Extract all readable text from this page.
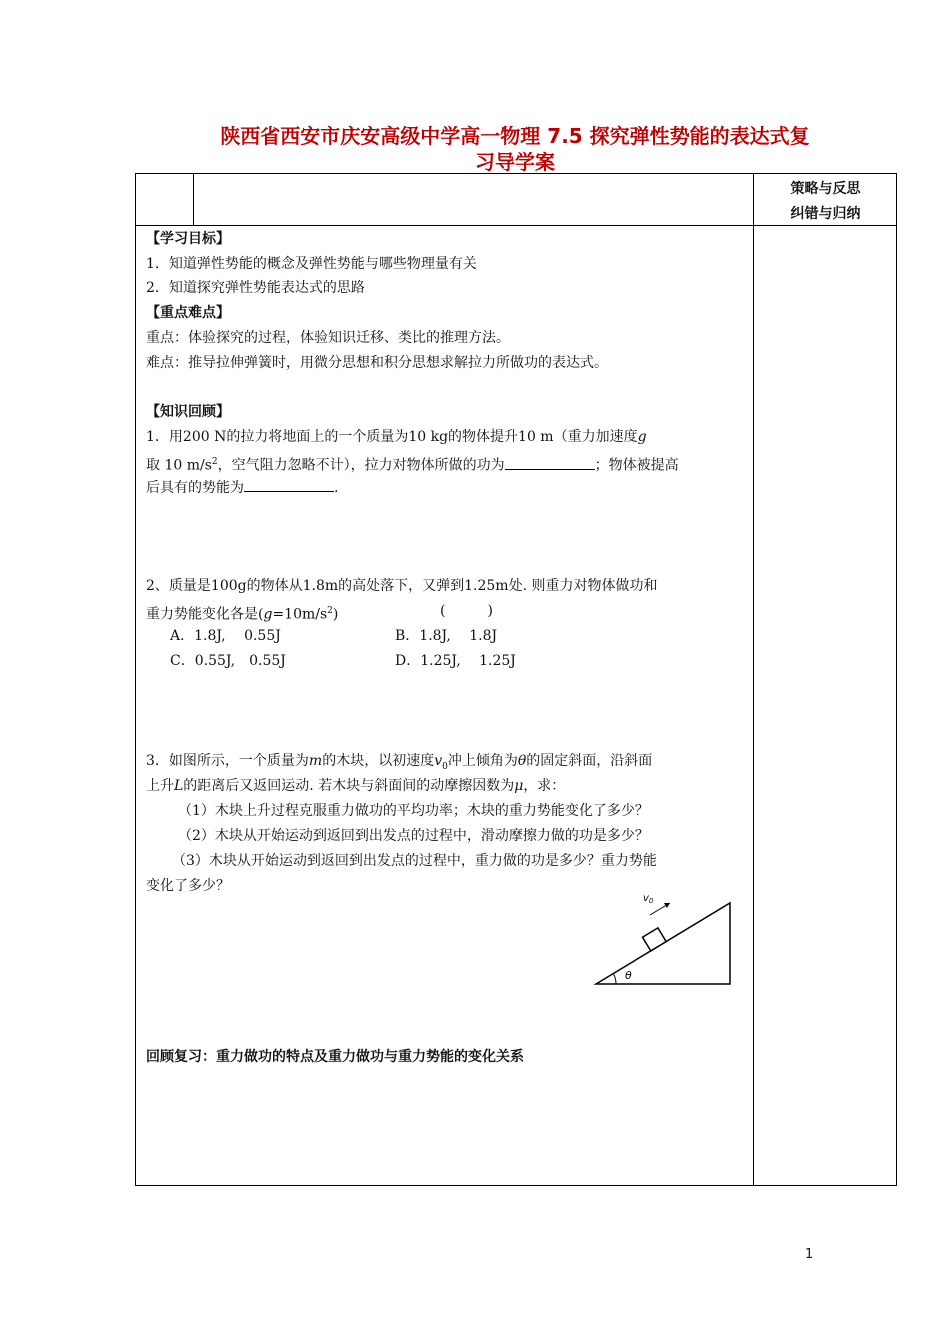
陕西省西安市庆安高级中学高一物理 7.5 探究弹性势能的表达式复
习导学案
策略与反思
纠错与归纳
【学习目标】
1．知道弹性势能的概念及弹性势能与哪些物理量有关
2．知道探究弹性势能表达式的思路
【重点难点】
重点：体验探究的过程，体验知识迁移、类比的推理方法。
难点：推导拉伸弹簧时，用微分思想和积分思想求解拉力所做功的表达式。
【知识回顾】
1．用200 N的拉力将地面上的一个质量为10 kg的物体提升10 m（重力加速度g
取 10 $m/s^2$，空气阻力忽略不计），拉力对物体所做的功为	；物体被提高
后具有的势能为	.
2、质量是100g的物体从1.8m的高处落下，又弹到1.25m处. 则重力对物体做功和
重力势能变化各是$(g=10m/s^2)$	(　　　)
A．1.8J,　 0.55J	B．1.8J,　 1.8J
C．0.55J,　0.55J	D．1.25J,　 1.25J
3．如图所示，一个质量为m的木块，以初速度$v_0$冲上倾角为θ的固定斜面，沿斜面
上升L的距离后又返回运动. 若木块与斜面间的动摩擦因数为μ，求：
（1）木块上升过程克服重力做功的平均功率；木块的重力势能变化了多少？
（2）木块从开始运动到返回到出发点的过程中，滑动摩擦力做的功是多少？
（3）木块从开始运动到返回到出发点的过程中，重力做的功是多少？重力势能
变化了多少？
$v_0$
θ
回顾复习：重力做功的特点及重力做功与重力势能的变化关系
1
